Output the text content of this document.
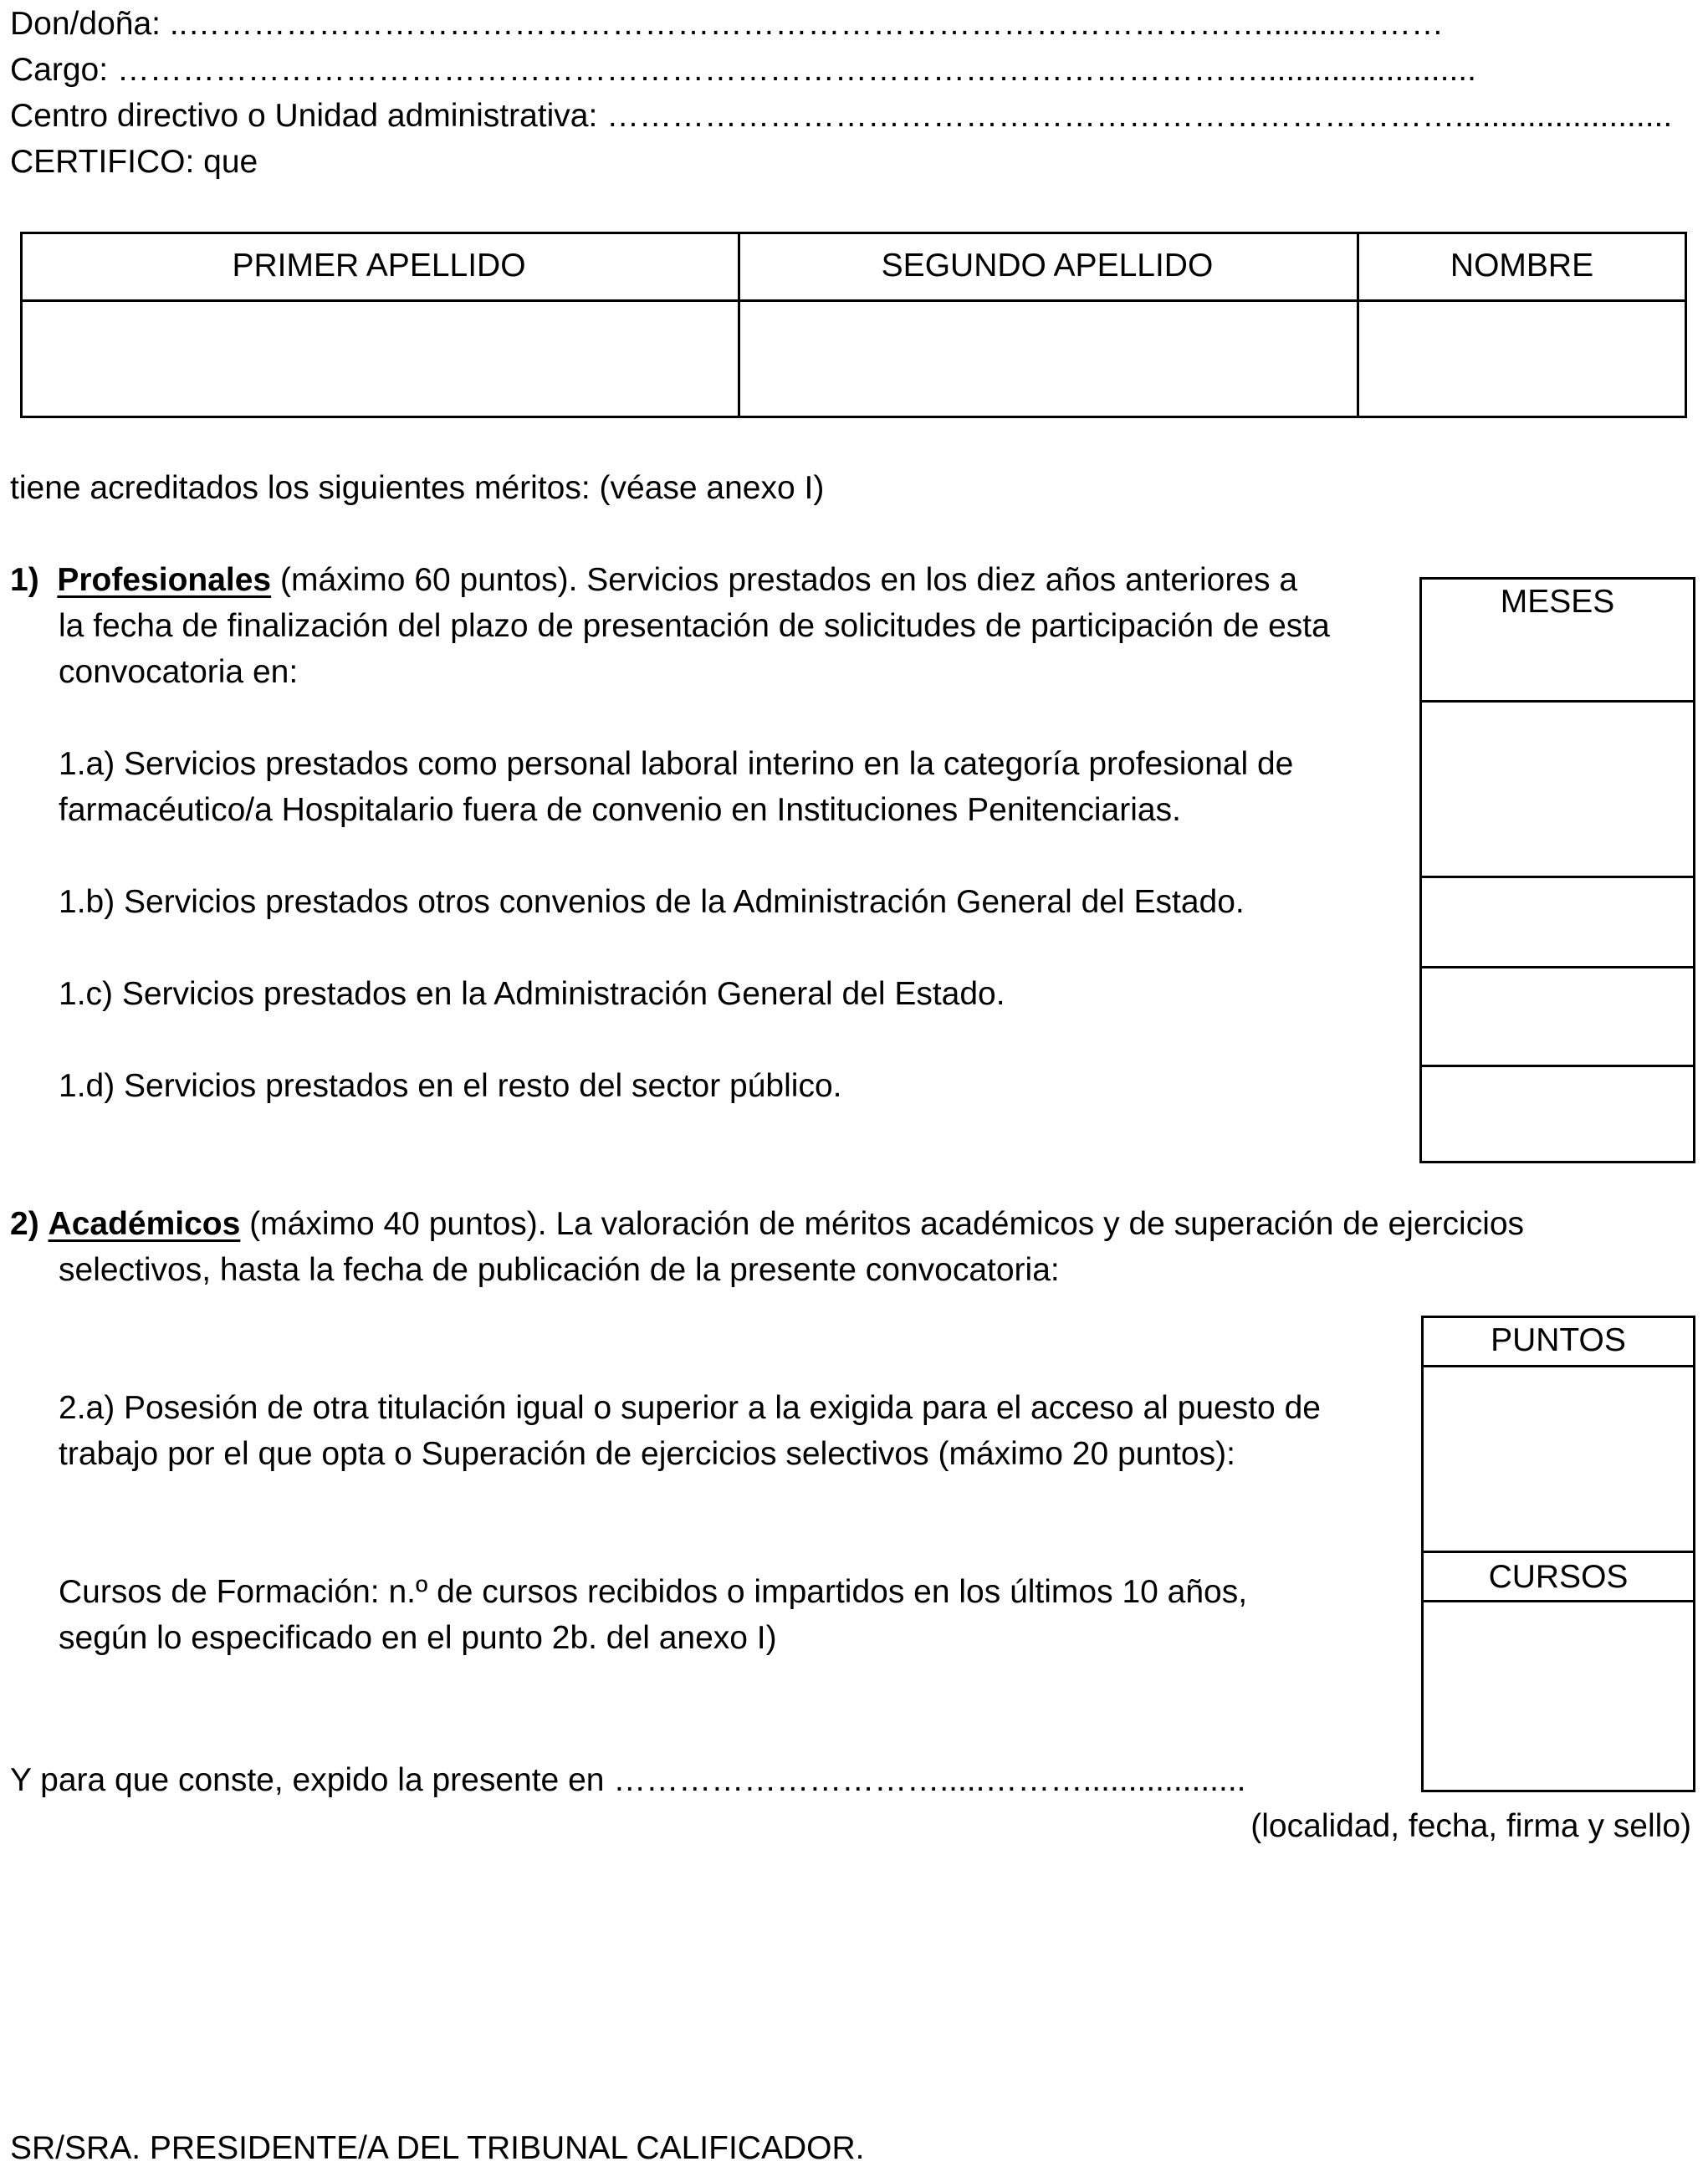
Don/doña: ..……………………………………………………………………………………….........………
Cargo: ……………………………………………………………………………………………........................
Centro directivo o Unidad administrativa: ……………………………………………………………………........................
CERTIFICO: que
PRIMER APELLIDO	SEGUNDO APELLIDO	NOMBRE
tiene acreditados los siguientes méritos: (véase anexo I)
1) Profesionales (máximo 60 puntos). Servicios prestados en los diez años anteriores a
la fecha de finalización del plazo de presentación de solicitudes de participación de esta
convocatoria en:
1.a) Servicios prestados como personal laboral interino en la categoría profesional de
farmacéutico/a Hospitalario fuera de convenio en Instituciones Penitenciarias.
1.b) Servicios prestados otros convenios de la Administración General del Estado.
1.c) Servicios prestados en la Administración General del Estado.
1.d) Servicios prestados en el resto del sector público.
MESES
2) Académicos (máximo 40 puntos). La valoración de méritos académicos y de superación de ejercicios
selectivos, hasta la fecha de publicación de la presente convocatoria:
2.a) Posesión de otra titulación igual o superior a la exigida para el acceso al puesto de
trabajo por el que opta o Superación de ejercicios selectivos (máximo 20 puntos):
Cursos de Formación: n.º de cursos recibidos o impartidos en los últimos 10 años,
según lo especificado en el punto 2b. del anexo I)
PUNTOS
CURSOS
Y para que conste, expido la presente en ………………………….....………..................
(localidad, fecha, firma y sello)
SR/SRA. PRESIDENTE/A DEL TRIBUNAL CALIFICADOR.
